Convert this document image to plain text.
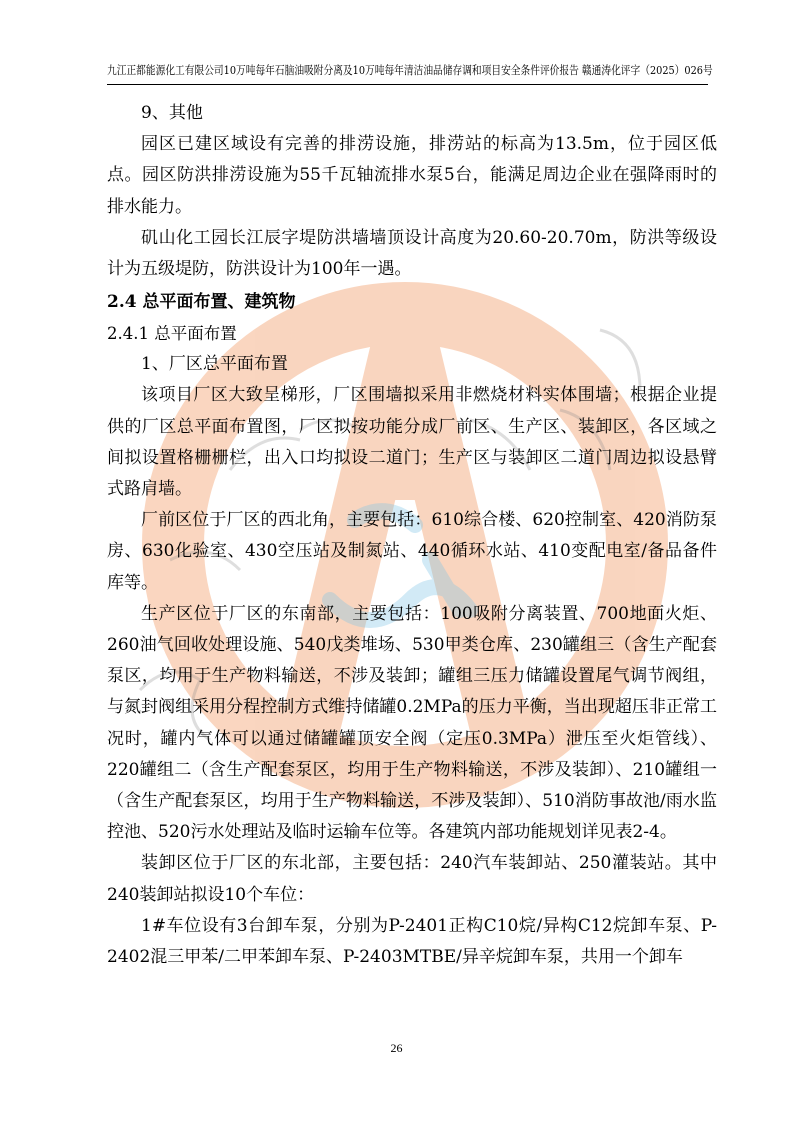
九江正都能源化工有限公司10万吨每年石脑油吸附分离及10万吨每年清洁油品储存调和项目安全条件评价报告 赣通涛化评字（2025）026号

9、其他

园区已建区域设有完善的排涝设施，排涝站的标高为13.5m，位于园区低点。园区防洪排涝设施为55千瓦轴流排水泵5台，能满足周边企业在强降雨时的排水能力。

矶山化工园长江辰字堤防洪墙墙顶设计高度为20.60-20.70m，防洪等级设计为五级堤防，防洪设计为100年一遇。

2.4 总平面布置、建筑物

2.4.1 总平面布置

1、厂区总平面布置

该项目厂区大致呈梯形，厂区围墙拟采用非燃烧材料实体围墙；根据企业提供的厂区总平面布置图，厂区拟按功能分成厂前区、生产区、装卸区，各区域之间拟设置格栅栅栏，出入口均拟设二道门；生产区与装卸区二道门周边拟设悬臂式路肩墙。

厂前区位于厂区的西北角，主要包括：610综合楼、620控制室、420消防泵房、630化验室、430空压站及制氮站、440循环水站、410变配电室/备品备件库等。

生产区位于厂区的东南部，主要包括：100吸附分离装置、700地面火炬、260油气回收处理设施、540戊类堆场、530甲类仓库、230罐组三（含生产配套泵区，均用于生产物料输送，不涉及装卸；罐组三压力储罐设置尾气调节阀组，与氮封阀组采用分程控制方式维持储罐0.2MPa的压力平衡，当出现超压非正常工况时，罐内气体可以通过储罐罐顶安全阀（定压0.3MPa）泄压至火炬管线）、220罐组二（含生产配套泵区，均用于生产物料输送，不涉及装卸）、210罐组一（含生产配套泵区，均用于生产物料输送，不涉及装卸）、510消防事故池/雨水监控池、520污水处理站及临时运输车位等。各建筑内部功能规划详见表2-4。

装卸区位于厂区的东北部，主要包括：240汽车装卸站、250灌装站。其中240装卸站拟设10个车位：

1#车位设有3台卸车泵，分别为P-2401正构C10烷/异构C12烷卸车泵、P-2402混三甲苯/二甲苯卸车泵、P-2403MTBE/异辛烷卸车泵，共用一个卸车

26
